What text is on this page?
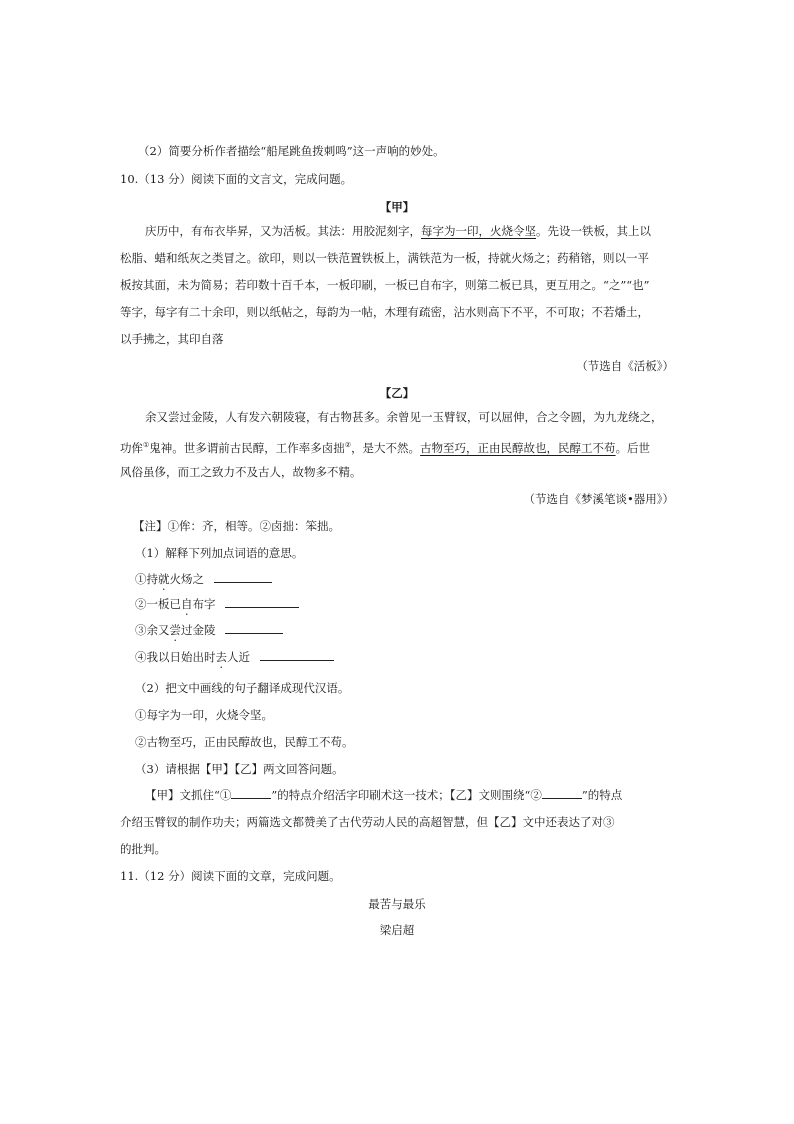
（2）简要分析作者描绘“船尾跳鱼拨刺鸣”这一声响的妙处。
10.（13 分）阅读下面的文言文，完成问题。
【甲】
庆历中，有布衣毕昇，又为活板。其法：用胶泥刻字，每字为一印，火烧令坚。先设一铁板，其上以
松脂、蜡和纸灰之类冒之。欲印，则以一铁范置铁板上，满铁范为一板，持就火炀之；药稍镕，则以一平
板按其面，未为简易；若印数十百千本，一板印刷，一板已自布字，则第二板已具，更互用之。“之”“也”
等字，每字有二十余印，则以纸帖之，每韵为一帖，木理有疏密，沾水则高下不平，不可取；不若燔土，
以手拂之，其印自落
（节选自《活板》）
【乙】
余又尝过金陵，人有发六朝陵寝，有古物甚多。余曾见一玉臂钗，可以屈伸，合之令圆，为九龙绕之，
功侔①鬼神。世多谓前古民醇，工作率多卤拙②，是大不然。古物至巧，正由民醇故也，民醇工不苟。后世
风俗虽侈，而工之致力不及古人，故物多不精。
（节选自《梦溪笔谈•器用》）
【注】①侔：齐，相等。②卤拙：笨拙。
（1）解释下列加点词语的意思。
①持就火炀之
②一板已自布字
③余又尝过金陵
④我以日始出时去人近
（2）把文中画线的句子翻译成现代汉语。
①每字为一印，火烧令坚。
②古物至巧，正由民醇故也，民醇工不苟。
（3）请根据【甲】【乙】两文回答问题。
【甲】文抓住“①	”的特点介绍活字印刷术这一技术；【乙】文则围绕“②	”的特点
介绍玉臂钗的制作功夫；两篇选文都赞美了古代劳动人民的高超智慧，但【乙】文中还表达了对③
的批判。
11.（12 分）阅读下面的文章，完成问题。
最苦与最乐
梁启超
